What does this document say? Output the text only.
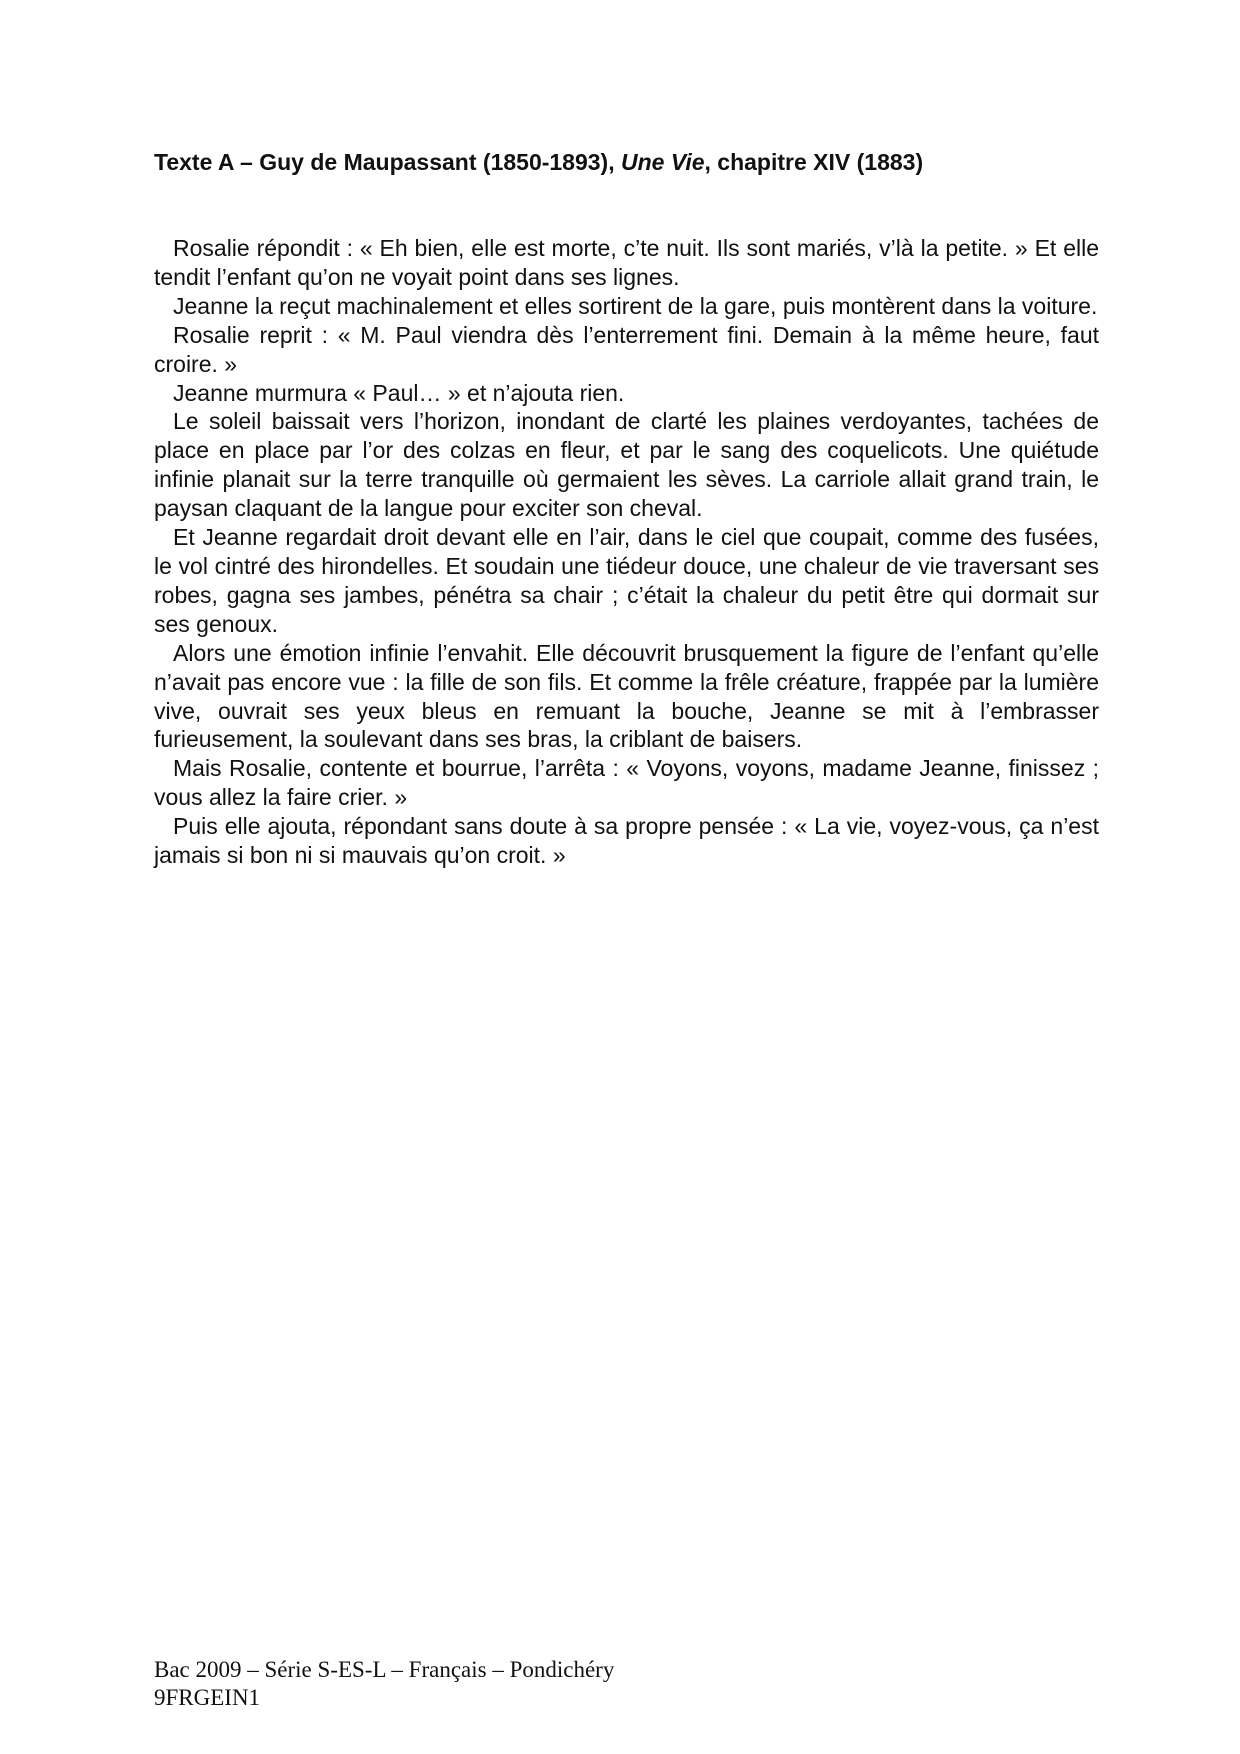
Texte A – Guy de Maupassant (1850-1893), Une Vie, chapitre XIV (1883)

Rosalie répondit : « Eh bien, elle est morte, c’te nuit. Ils sont mariés, v’là la petite. » Et elle tendit l’enfant qu’on ne voyait point dans ses lignes.

Jeanne la reçut machinalement et elles sortirent de la gare, puis montèrent dans la voiture.

Rosalie reprit : « M. Paul viendra dès l’enterrement fini. Demain à la même heure, faut croire. »

Jeanne murmura « Paul… » et n’ajouta rien.

Le soleil baissait vers l’horizon, inondant de clarté les plaines verdoyantes, tachées de place en place par l’or des colzas en fleur, et par le sang des coquelicots. Une quiétude infinie planait sur la terre tranquille où germaient les sèves. La carriole allait grand train, le paysan claquant de la langue pour exciter son cheval.

Et Jeanne regardait droit devant elle en l’air, dans le ciel que coupait, comme des fusées, le vol cintré des hirondelles. Et soudain une tiédeur douce, une chaleur de vie traversant ses robes, gagna ses jambes, pénétra sa chair ; c’était la chaleur du petit être qui dormait sur ses genoux.

Alors une émotion infinie l’envahit. Elle découvrit brusquement la figure de l’enfant qu’elle n’avait pas encore vue : la fille de son fils. Et comme la frêle créature, frappée par la lumière vive, ouvrait ses yeux bleus en remuant la bouche, Jeanne se mit à l’embrasser furieusement, la soulevant dans ses bras, la criblant de baisers.

Mais Rosalie, contente et bourrue, l’arrêta : « Voyons, voyons, madame Jeanne, finissez ; vous allez la faire crier. »

Puis elle ajouta, répondant sans doute à sa propre pensée : « La vie, voyez-vous, ça n’est jamais si bon ni si mauvais qu’on croit. »

Bac 2009 – Série S-ES-L – Français – Pondichéry
9FRGEIN1
